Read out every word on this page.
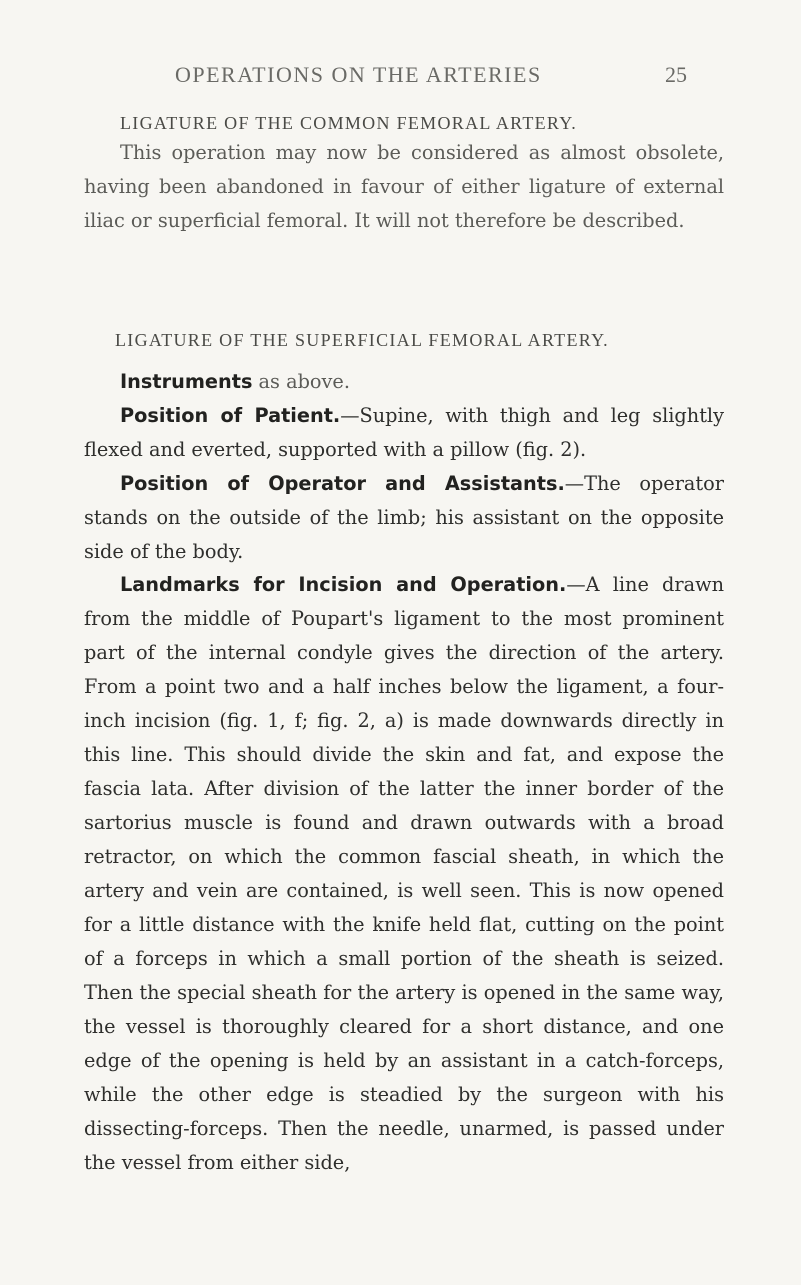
OPERATIONS ON THE ARTERIES	25
LIGATURE OF THE COMMON FEMORAL ARTERY.

This operation may now be considered as almost obsolete, having been abandoned in favour of either ligature of external iliac or superficial femoral. It will not therefore be described.

LIGATURE OF THE SUPERFICIAL FEMORAL ARTERY.

Instruments as above.

Position of Patient.—Supine, with thigh and leg slightly flexed and everted, supported with a pillow (fig. 2).

Position of Operator and Assistants.—The operator stands on the outside of the limb; his assistant on the opposite side of the body.

Landmarks for Incision and Operation.—A line drawn from the middle of Poupart's ligament to the most prominent part of the internal condyle gives the direction of the artery. From a point two and a half inches below the ligament, a four-inch incision (fig. 1, f; fig. 2, a) is made downwards directly in this line. This should divide the skin and fat, and expose the fascia lata. After division of the latter the inner border of the sartorius muscle is found and drawn outwards with a broad retractor, on which the common fascial sheath, in which the artery and vein are contained, is well seen. This is now opened for a little distance with the knife held flat, cutting on the point of a forceps in which a small portion of the sheath is seized. Then the special sheath for the artery is opened in the same way, the vessel is thoroughly cleared for a short distance, and one edge of the opening is held by an assistant in a catch-forceps, while the other edge is steadied by the surgeon with his dissecting-forceps. Then the needle, unarmed, is passed under the vessel from either side,
